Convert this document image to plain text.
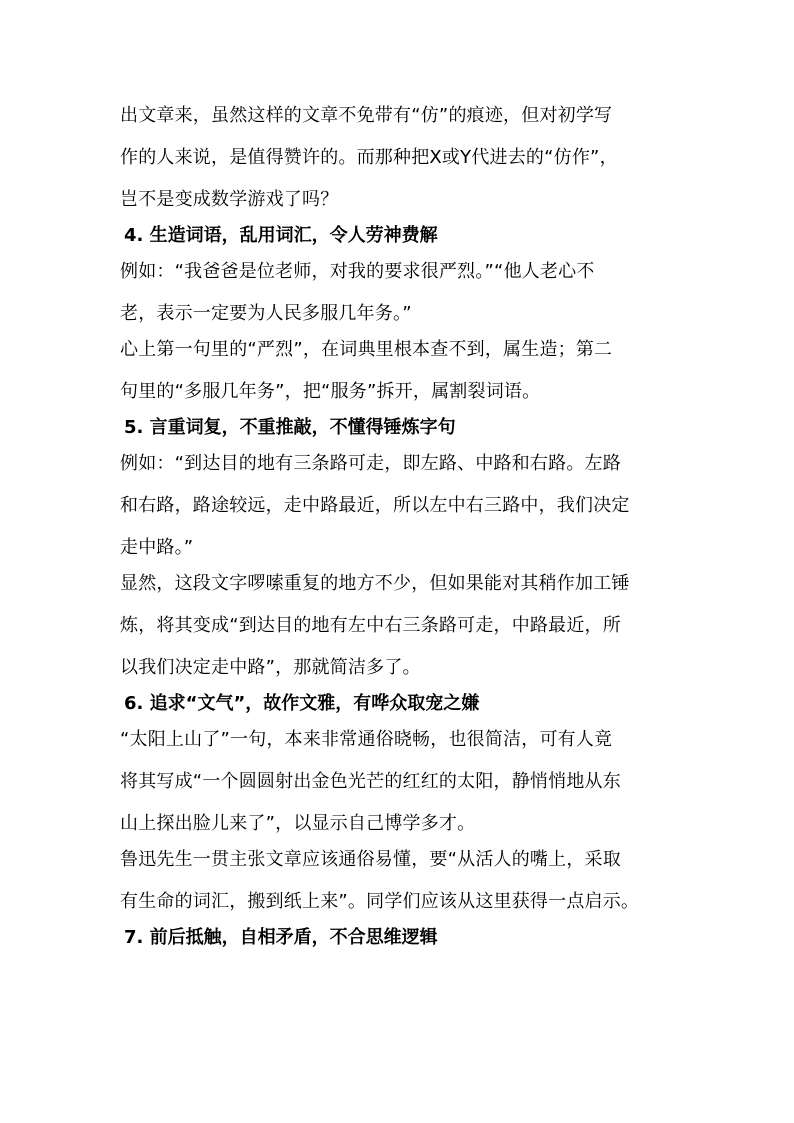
出文章来，虽然这样的文章不免带有“仿”的痕迹，但对初学写

作的人来说，是值得赞许的。而那种把X或Y代进去的“仿作”，

岂不是变成数学游戏了吗？

4. 生造词语，乱用词汇，令人劳神费解

例如：“我爸爸是位老师，对我的要求很严烈。”“他人老心不

老，表示一定要为人民多服几年务。”

心上第一句里的“严烈”，在词典里根本查不到，属生造；第二

句里的“多服几年务”，把“服务”拆开，属割裂词语。

5. 言重词复，不重推敲，不懂得锤炼字句

例如：“到达目的地有三条路可走，即左路、中路和右路。左路

和右路，路途较远，走中路最近，所以左中右三路中，我们决定

走中路。”

显然，这段文字啰嗦重复的地方不少，但如果能对其稍作加工锤

炼，将其变成“到达目的地有左中右三条路可走，中路最近，所

以我们决定走中路”，那就简洁多了。

6. 追求“文气”，故作文雅，有哗众取宠之嫌

“太阳上山了”一句，本来非常通俗晓畅，也很简洁，可有人竟

将其写成“一个圆圆射出金色光芒的红红的太阳，静悄悄地从东

山上探出脸儿来了”，以显示自己博学多才。

鲁迅先生一贯主张文章应该通俗易懂，要“从活人的嘴上，采取

有生命的词汇，搬到纸上来”。同学们应该从这里获得一点启示。

7. 前后抵触，自相矛盾，不合思维逻辑
